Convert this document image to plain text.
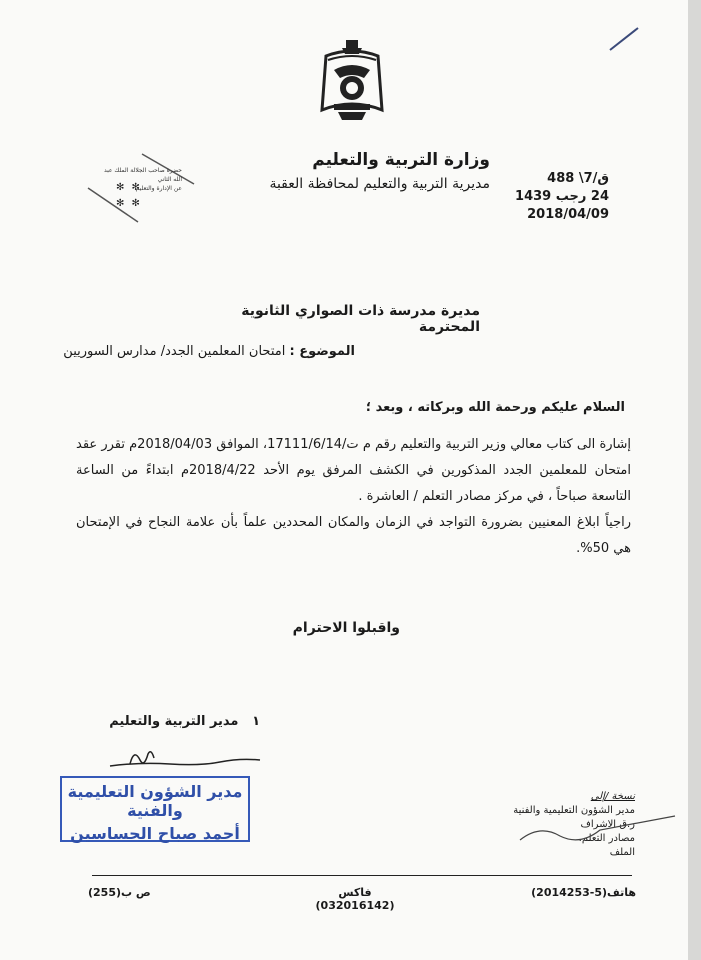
وزارة التربية والتعليم
مديرية التربية والتعليم لمحافظة العقبة	ق/7\ 488
24 رجب 1439
2018/04/09
حضرة صاحب الجلالة الملك عبد الله الثاني
عن الإدارة والتعليم
✻ ✻
✻ ✻
مديرة مدرسة ذات الصواري الثانوية المحترمة
الموضوع : امتحان المعلمين الجدد/ مدارس السوريين
السلام عليكم ورحمة الله وبركاته ، وبعد ؛

إشارة الى كتاب معالي وزير التربية والتعليم رقم م ت/17111/6/14، الموافق 2018/04/03م تقرر عقد امتحان للمعلمين الجدد المذكورين في الكشف المرفق يوم الأحد 2018/4/22م ابتداءً من الساعة التاسعة صباحاً ، في مركز مصادر التعلم / العاشرة .

راجياً ابلاغ المعنيين بضرورة التواجد في الزمان والمكان المحددين علماً بأن علامة النجاح في الإمتحان هي 50%.

واقبلوا الاحترام
١   مدير التربية والتعليم
مدير الشؤون التعليمية والفنية
أحمد صباح الحساسين
نسخة /إلى
مدير الشؤون التعليمية والفنية
ر.ق الاشراف
مصادر التعلم.
الملف
هاتف(5-2014253)
فاكس (032016142)
ص ب(255)
